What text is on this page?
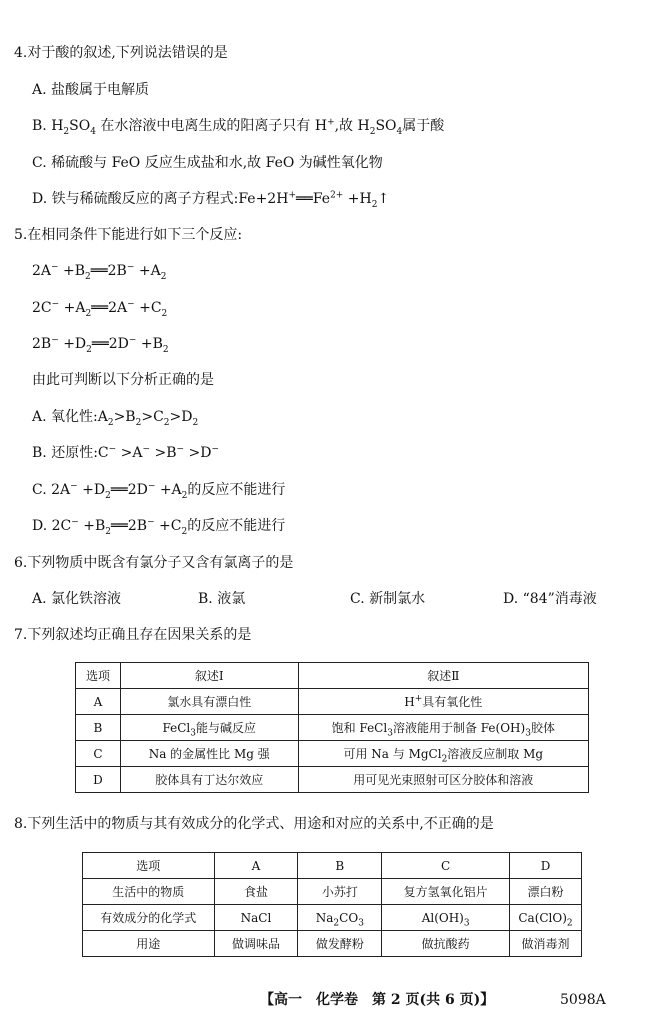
4.对于酸的叙述,下列说法错误的是
A. 盐酸属于电解质
B. $H_2SO_4$ 在水溶液中电离生成的阳离子只有 H+,故 $H_2SO_4$属于酸
C. 稀硫酸与 FeO 反应生成盐和水,故 FeO 为碱性氧化物
D. 铁与稀硫酸反应的离子方程式$:Fe+2H^+══Fe^{2+}$ $+H_2↑$
5.在相同条件下能进行如下三个反应:
$2A^- +B_2══2B^- +A_2$
$2C^- +A_2══2A^- +C_2$
$2B^- +D_2══2D^- +B_2$
由此可判断以下分析正确的是
A. 氧化性$:A_2>B_2>C_2>D_2$
B. 还原性:C− >A− >B− >D−
C. $2A^- +D_2══2D^- +A_2$的反应不能进行
D. $2C^- +B_2══2B^- +C_2$的反应不能进行
6.下列物质中既含有氯分子又含有氯离子的是
A. 氯化铁溶液	B. 液氯	C. 新制氯水	D. “84”消毒液
7.下列叙述均正确且存在因果关系的是
选项	叙述Ⅰ	叙述Ⅱ
A	氯水具有漂白性	H+具有氧化性
B	FeCl$_3$能与碱反应	饱和 FeCl$_3$溶液能用于制备 $Fe(OH)_3$胶体
C	Na 的金属性比 Mg 强	可用 Na 与 MgCl$_2$溶液反应制取 Mg
D	胶体具有丁达尔效应	用可见光束照射可区分胶体和溶液
8.下列生活中的物质与其有效成分的化学式、用途和对应的关系中,不正确的是
选项	A	B	C	D
生活中的物质	食盐	小苏打	复方氢氧化铝片	漂白粉
有效成分的化学式	NaCl	$Na_2CO_3$	$Al(OH)_3$	$Ca(ClO)_2$
用途	做调味品	做发酵粉	做抗酸药	做消毒剂
【高一　化学卷　第 2 页(共 6 页)】	5098A
